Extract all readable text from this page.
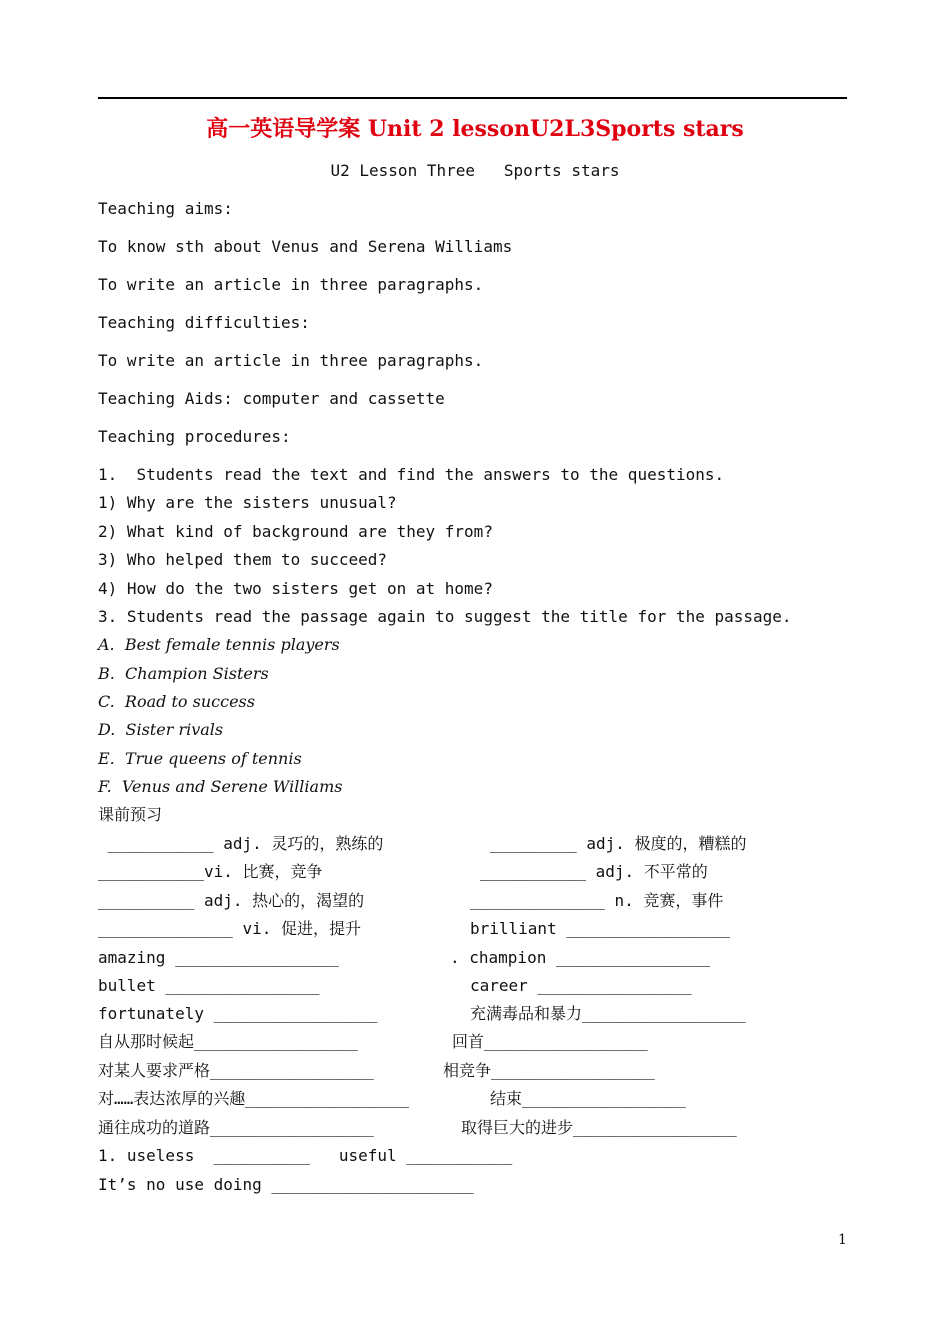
高一英语导学案 Unit 2 lessonU2L3Sports stars
U2 Lesson Three   Sports stars
Teaching aims:
To know sth about Venus and Serena Williams
To write an article in three paragraphs.
Teaching difficulties:
To write an article in three paragraphs.
Teaching Aids: computer and cassette
Teaching procedures:
1.  Students read the text and find the answers to the questions.
1) Why are the sisters unusual?
2) What kind of background are they from?
3) Who helped them to succeed?
4) How do the two sisters get on at home?
3. Students read the passage again to suggest the title for the passage.
A.  Best female tennis players
B.  Champion Sisters
C.  Road to success
D.  Sister rivals
E.  True queens of tennis
F.  Venus and Serene Williams
课前预习
___________ adj. 灵巧的，熟练的	_________ adj. 极度的，糟糕的
___________vi. 比赛，竞争	___________ adj. 不平常的
__________ adj. 热心的，渴望的	______________ n. 竞赛，事件
______________ vi. 促进，提升	brilliant _________________
amazing _________________	. champion ________________
bullet ________________	career ________________
fortunately _________________	充满毒品和暴力_________________
自从那时候起_________________	回首_________________
对某人要求严格_________________	相竞争_________________
对……表达浓厚的兴趣_________________	结束_________________
通往成功的道路_________________	取得巨大的进步_________________
1. useless  __________   useful ___________
It’s no use doing _____________________
1
